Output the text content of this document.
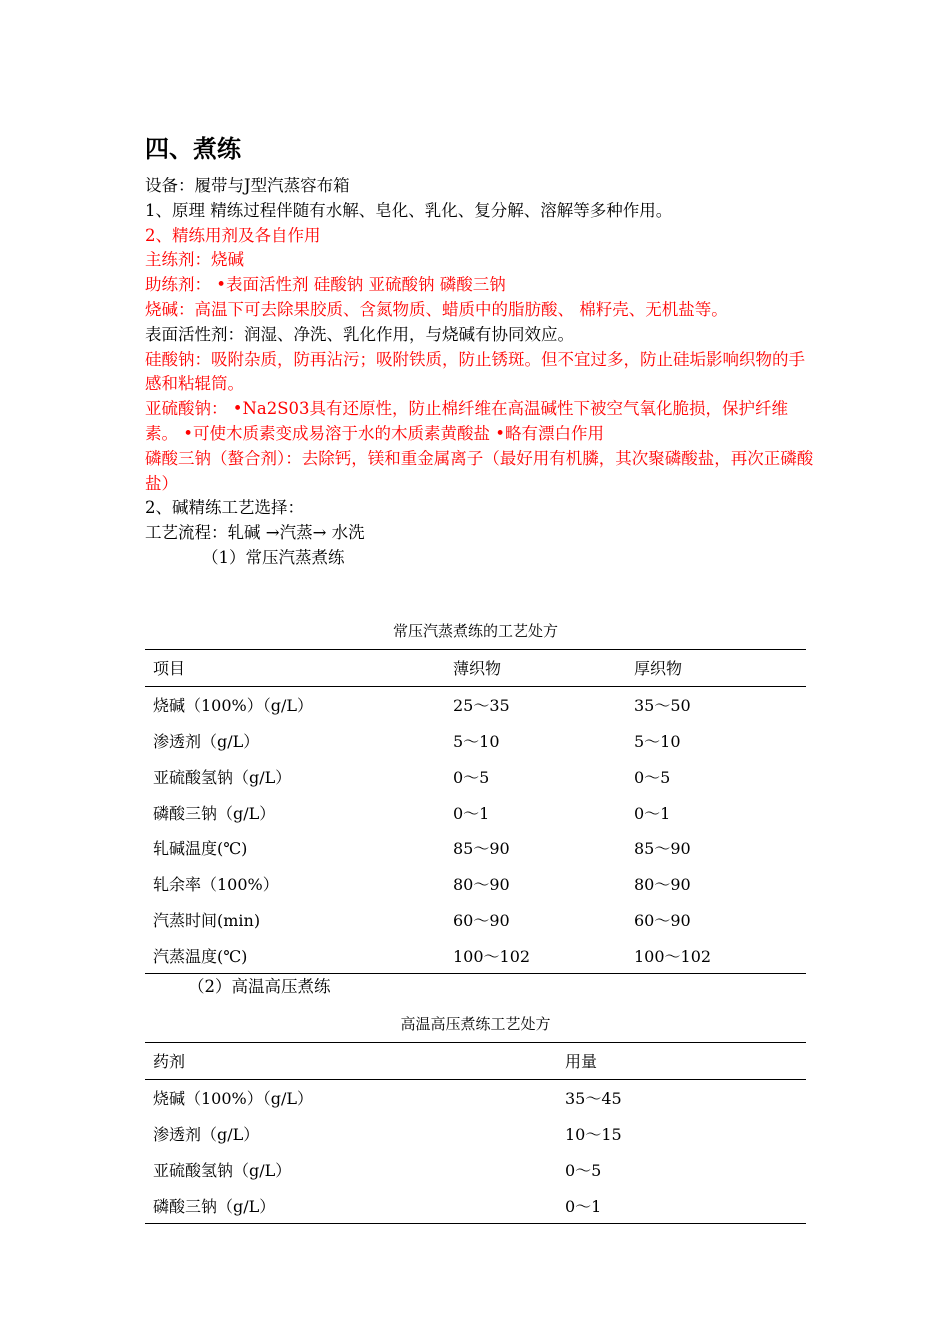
四、煮练
设备：履带与J型汽蒸容布箱
1、原理 精练过程伴随有水解、皂化、乳化、复分解、溶解等多种作用。
2、精练用剂及各自作用
主练剂：烧碱
助练剂： •表面活性剂 硅酸钠 亚硫酸钠 磷酸三钠
烧碱：高温下可去除果胶质、含氮物质、蜡质中的脂肪酸、 棉籽壳、无机盐等。
表面活性剂：润湿、净洗、乳化作用，与烧碱有协同效应。
硅酸钠：吸附杂质，防再沾污；吸附铁质，防止锈斑。但不宜过多，防止硅垢影响织物的手感和粘辊筒。
亚硫酸钠： •Na2S03具有还原性，防止棉纤维在高温碱性下被空气氧化脆损，保护纤维素。 •可使木质素变成易溶于水的木质素黄酸盐 •略有漂白作用
磷酸三钠（螯合剂）：去除钙，镁和重金属离子（最好用有机膦，其次聚磷酸盐，再次正磷酸盐）
2、碱精练工艺选择：
工艺流程：轧碱 →汽蒸→ 水洗
（1）常压汽蒸煮练
常压汽蒸煮练的工艺处方
项目	薄织物	厚织物
烧碱（100%）（g/L）	25～35	35～50
渗透剂（g/L）	5～10	5～10
亚硫酸氢钠（g/L）	0～5	0～5
磷酸三钠（g/L）	0～1	0～1
轧碱温度(℃)	85～90	85～90
轧余率（100%）	80～90	80～90
汽蒸时间(min)	60～90	60～90
汽蒸温度(℃)	100～102	100～102
（2）高温高压煮练
高温高压煮练工艺处方
药剂	用量
烧碱（100%）（g/L）	35～45
渗透剂（g/L）	10～15
亚硫酸氢钠（g/L）	0～5
磷酸三钠（g/L）	0～1
